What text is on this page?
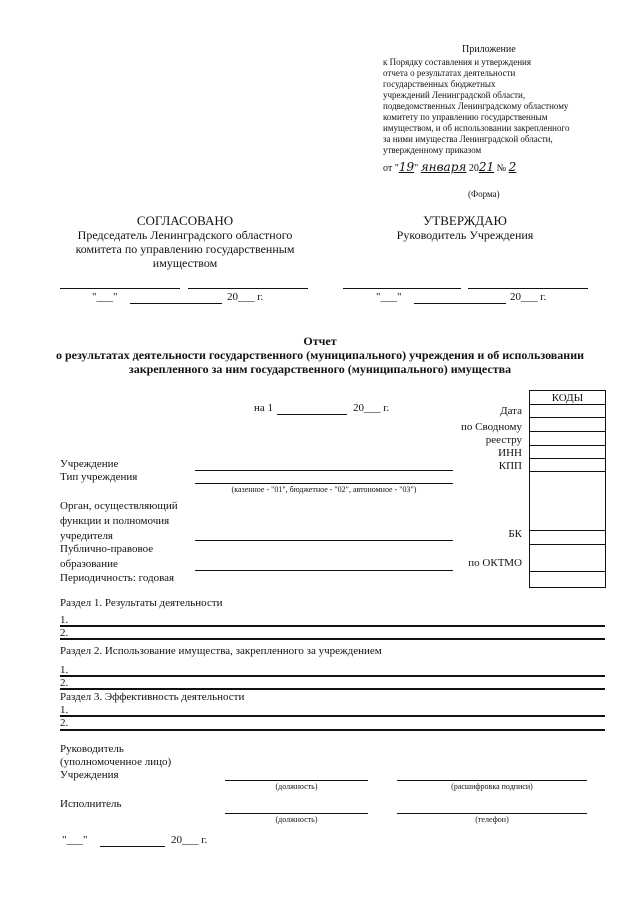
Приложение
к Порядку составления и утверждения
отчета о результатах деятельности
государственных бюджетных
учреждений Ленинградской области,
подведомственных Ленинградскому областному
комитету по управлению государственным
имуществом, и об использовании закрепленного
за ними имущества Ленинградской области,
утвержденному приказом
от "19" января 2021 № 2
(Форма)
СОГЛАСОВАНО
Председатель Ленинградского областного
комитета по управлению государственным
имуществом
УТВЕРЖДАЮ
Руководитель Учреждения
"___"	20___ г.	"___"	20___ г.
Отчет
о результатах деятельности государственного (муниципального) учреждения и об использовании
закрепленного за ним государственного (муниципального) имущества
на 1	20___ г.
КОДЫ
Дата
по Сводному
реестру
ИНН
КПП
БК
по ОКТМО
Учреждение
Тип учреждения
(казенное - "01", бюджетное - "02", автономное - "03")
Орган, осуществляющий
функции и полномочия
учредителя
Публично-правовое
образование
Периодичность: годовая
Раздел 1. Результаты деятельности
1.
2.
Раздел 2. Использование имущества, закрепленного за учреждением
1.
2.
Раздел 3. Эффективность деятельности
1.
2.
Руководитель
(уполномоченное лицо)
Учреждения
(должность)	(расшифровка подписи)
Исполнитель
(должность)	(телефон)
"___"	20___ г.
